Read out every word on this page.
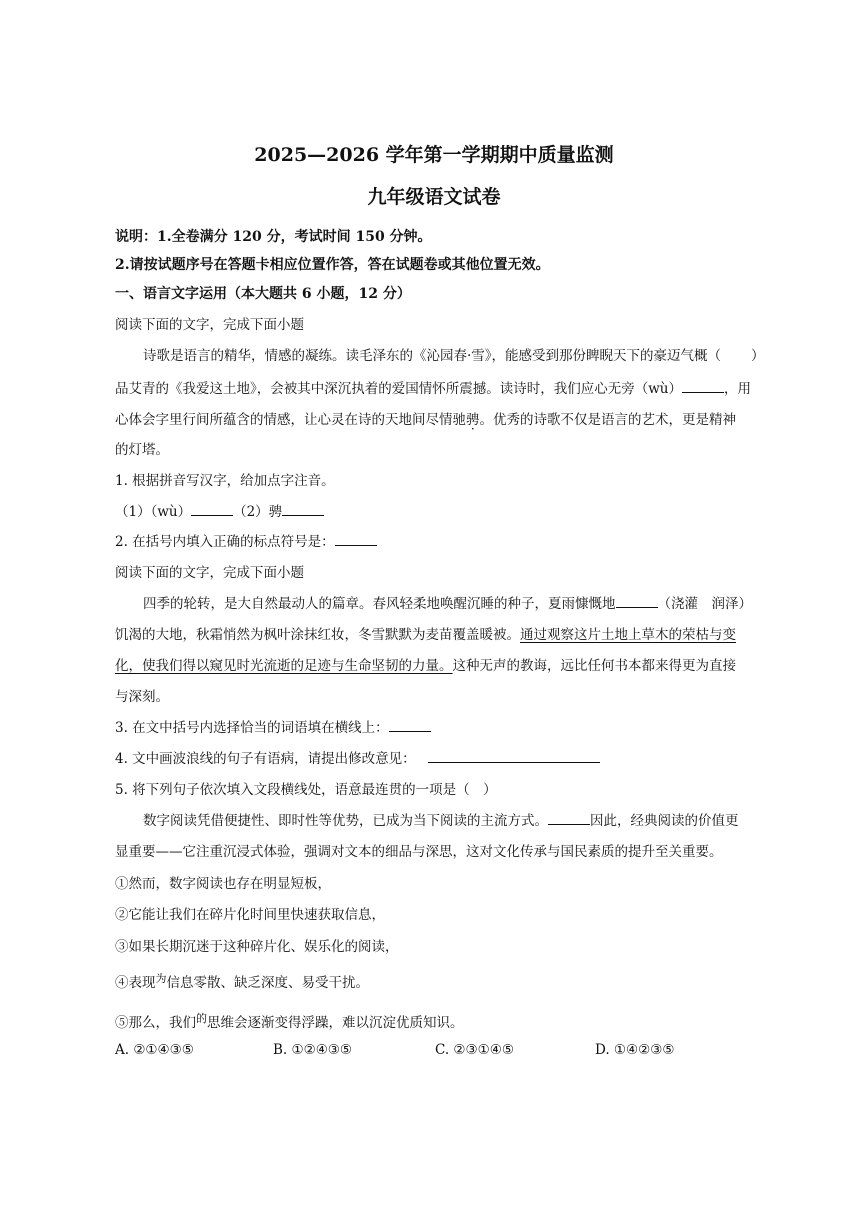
2025—2026 学年第一学期期中质量监测
九年级语文试卷
说明：1.全卷满分 120 分，考试时间 150 分钟。
2.请按试题序号在答题卡相应位置作答，答在试题卷或其他位置无效。
一、语言文字运用（本大题共 6 小题，12 分）
阅读下面的文字，完成下面小题
诗歌是语言的精华，情感的凝练。读毛泽东的《沁园春·雪》，能感受到那份睥睨天下的豪迈气概（ ）
品艾青的《我爱这土地》，会被其中深沉执着的爱国情怀所震撼。读诗时，我们应心无旁（wù）	，用
心体会字里行间所蕴含的情感，让心灵在诗的天地间尽情驰骋。优秀的诗歌不仅是语言的艺术，更是精神
的灯塔。
1. 根据拼音写汉字，给加点字注音。
（1）（wù）	（2）骋
2. 在括号内填入正确的标点符号是：
阅读下面的文字，完成下面小题
四季的轮转，是大自然最动人的篇章。春风轻柔地唤醒沉睡的种子，夏雨慷慨地	（浇灌　润泽）
饥渴的大地，秋霜悄然为枫叶涂抹红妆，冬雪默默为麦苗覆盖暖被。通过观察这片土地上草木的荣枯与变
化，使我们得以窥见时光流逝的足迹与生命坚韧的力量。这种无声的教诲，远比任何书本都来得更为直接
与深刻。
3. 在文中括号内选择恰当的词语填在横线上：
4. 文中画波浪线的句子有语病，请提出修改意见：
5. 将下列句子依次填入文段横线处，语意最连贯的一项是（　）
数字阅读凭借便捷性、即时性等优势，已成为当下阅读的主流方式。	因此，经典阅读的价值更
显重要——它注重沉浸式体验，强调对文本的细品与深思，这对文化传承与国民素质的提升至关重要。
①然而，数字阅读也存在明显短板，
②它能让我们在碎片化时间里快速获取信息，
③如果长期沉迷于这种碎片化、娱乐化的阅读，
④表现$^为$信息零散、缺乏深度、易受干扰。
⑤那么，我们$^的$思维会逐渐变得浮躁，难以沉淀优质知识。
A. ②①④③⑤	B. ①②④③⑤	C. ②③①④⑤	D. ①④②③⑤
